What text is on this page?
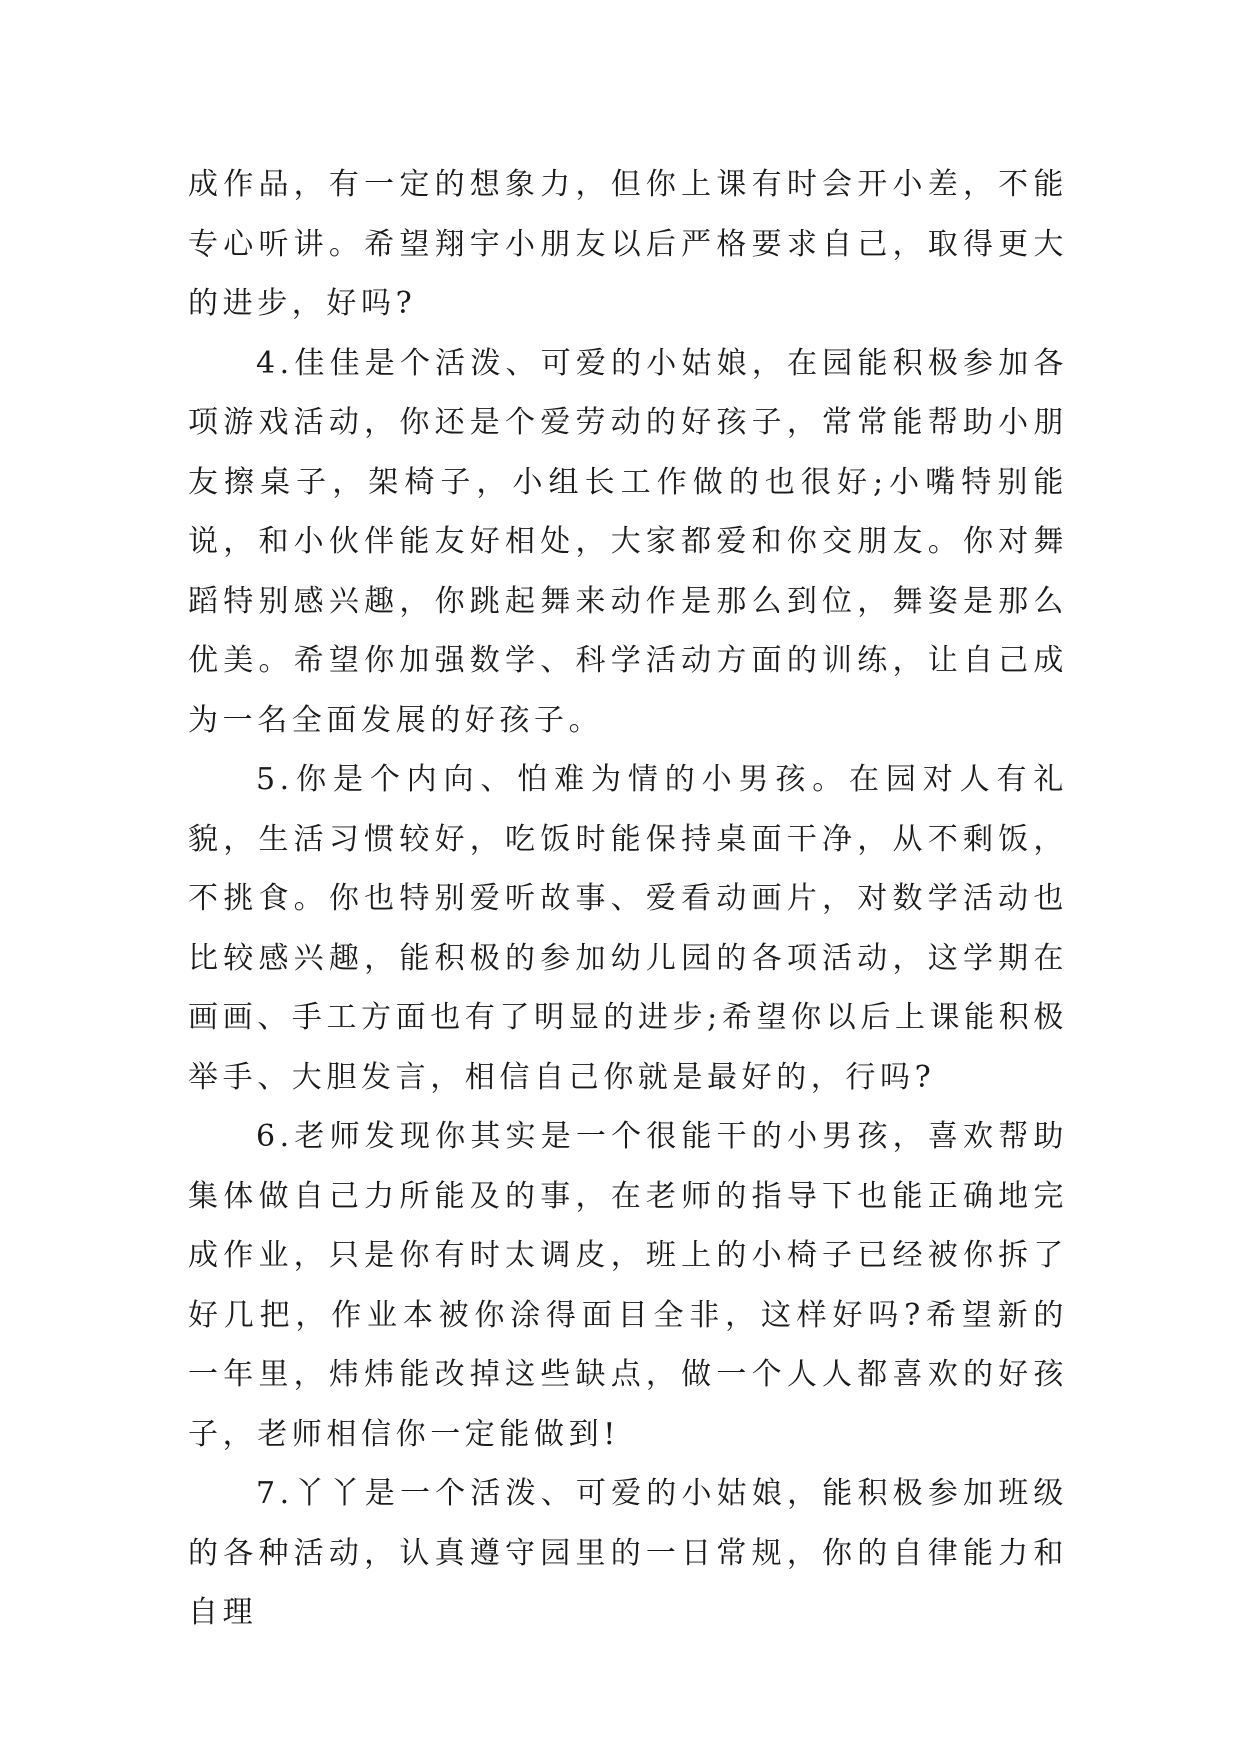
成作品，有一定的想象力，但你上课有时会开小差，不能专心听讲。希望翔宇小朋友以后严格要求自己，取得更大的进步，好吗?

4.佳佳是个活泼、可爱的小姑娘，在园能积极参加各项游戏活动，你还是个爱劳动的好孩子，常常能帮助小朋友擦桌子，架椅子，小组长工作做的也很好;小嘴特别能说，和小伙伴能友好相处，大家都爱和你交朋友。你对舞蹈特别感兴趣，你跳起舞来动作是那么到位，舞姿是那么优美。希望你加强数学、科学活动方面的训练，让自己成为一名全面发展的好孩子。

5.你是个内向、怕难为情的小男孩。在园对人有礼貌，生活习惯较好，吃饭时能保持桌面干净，从不剩饭，不挑食。你也特别爱听故事、爱看动画片，对数学活动也比较感兴趣，能积极的参加幼儿园的各项活动，这学期在画画、手工方面也有了明显的进步;希望你以后上课能积极举手、大胆发言，相信自己你就是最好的，行吗?

6.老师发现你其实是一个很能干的小男孩，喜欢帮助集体做自己力所能及的事，在老师的指导下也能正确地完成作业，只是你有时太调皮，班上的小椅子已经被你拆了好几把，作业本被你涂得面目全非，这样好吗?希望新的一年里，炜炜能改掉这些缺点，做一个人人都喜欢的好孩子，老师相信你一定能做到!

7.丫丫是一个活泼、可爱的小姑娘，能积极参加班级的各种活动，认真遵守园里的一日常规，你的自律能力和自理
